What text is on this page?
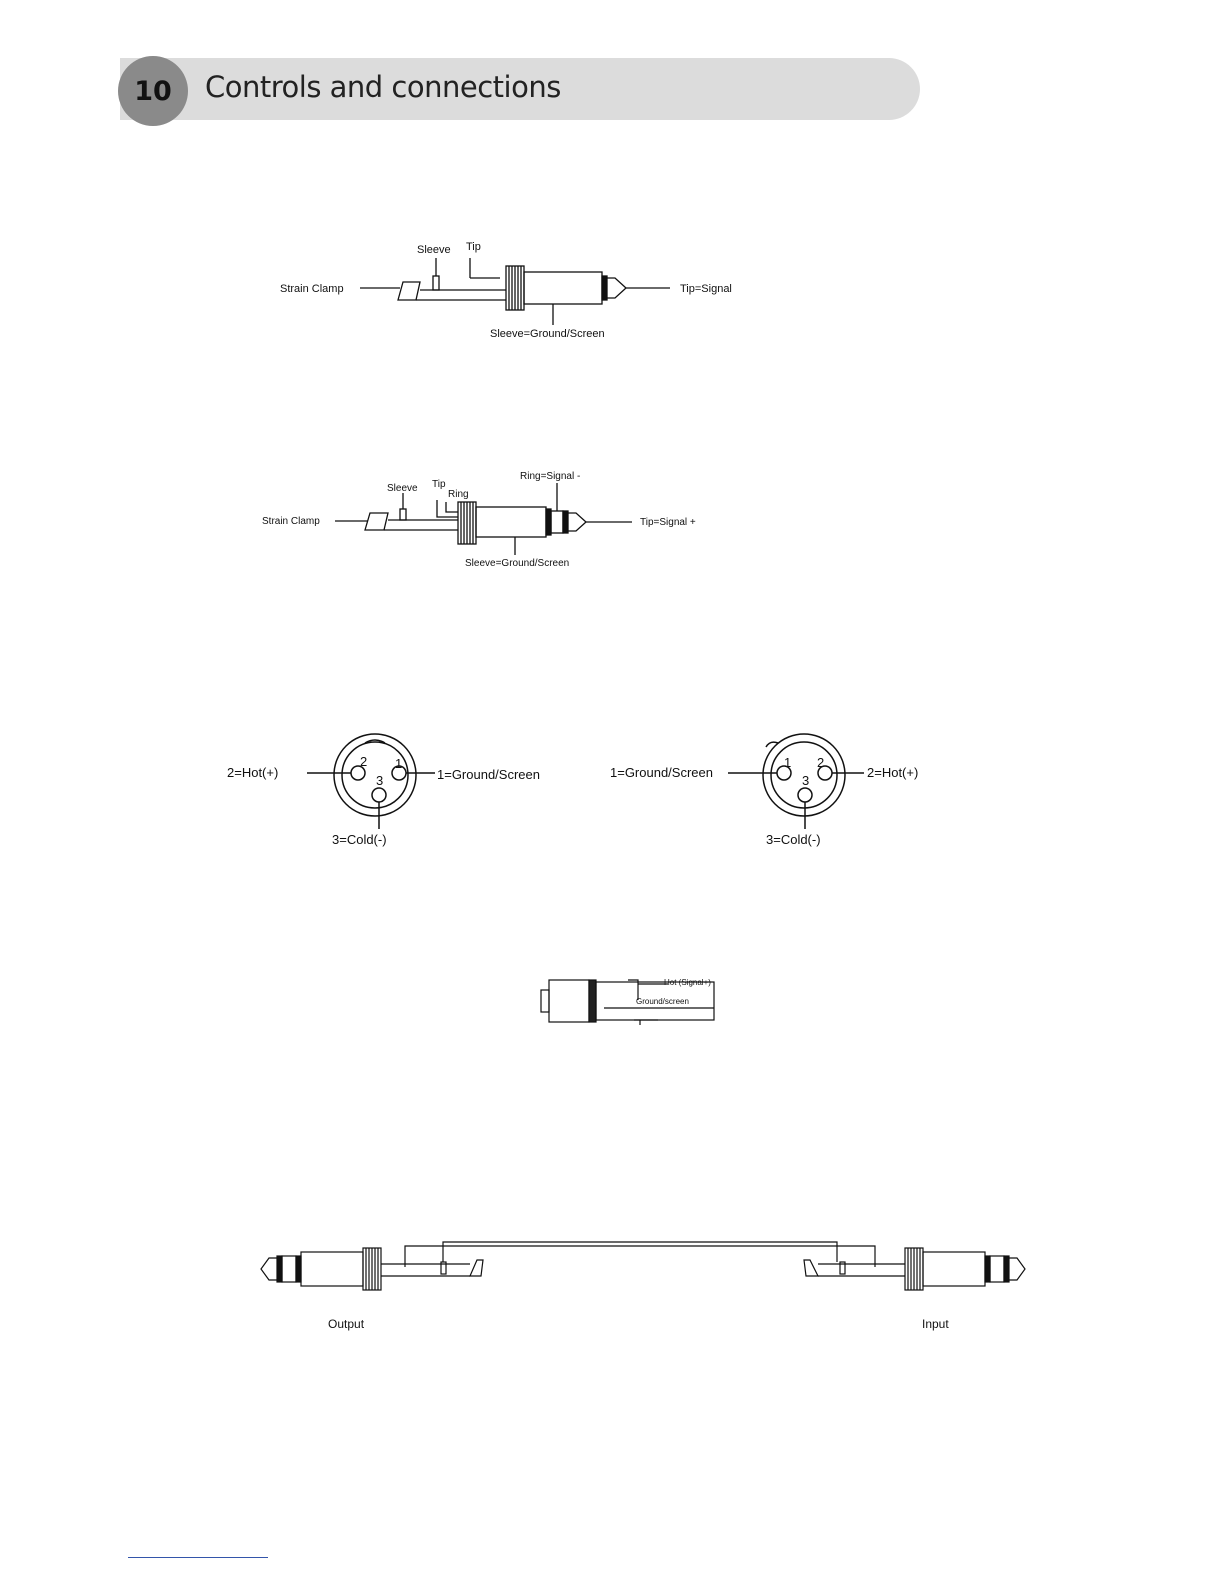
10 Controls and connections
Strain Clamp
Sleeve Tip
Tip=Signal
Sleeve=Ground/Screen
Strain Clamp
Sleeve Tip
Ring
Ring=Signal -
Tip=Signal +
Sleeve=Ground/Screen
2 1
3
2=Hot(+)	1=Ground/Screen
3=Cold(-)
1 2
3
1=Ground/Screen	2=Hot(+)
3=Cold(-)
Hot (Signal+)
Ground/screen
Output	Input
